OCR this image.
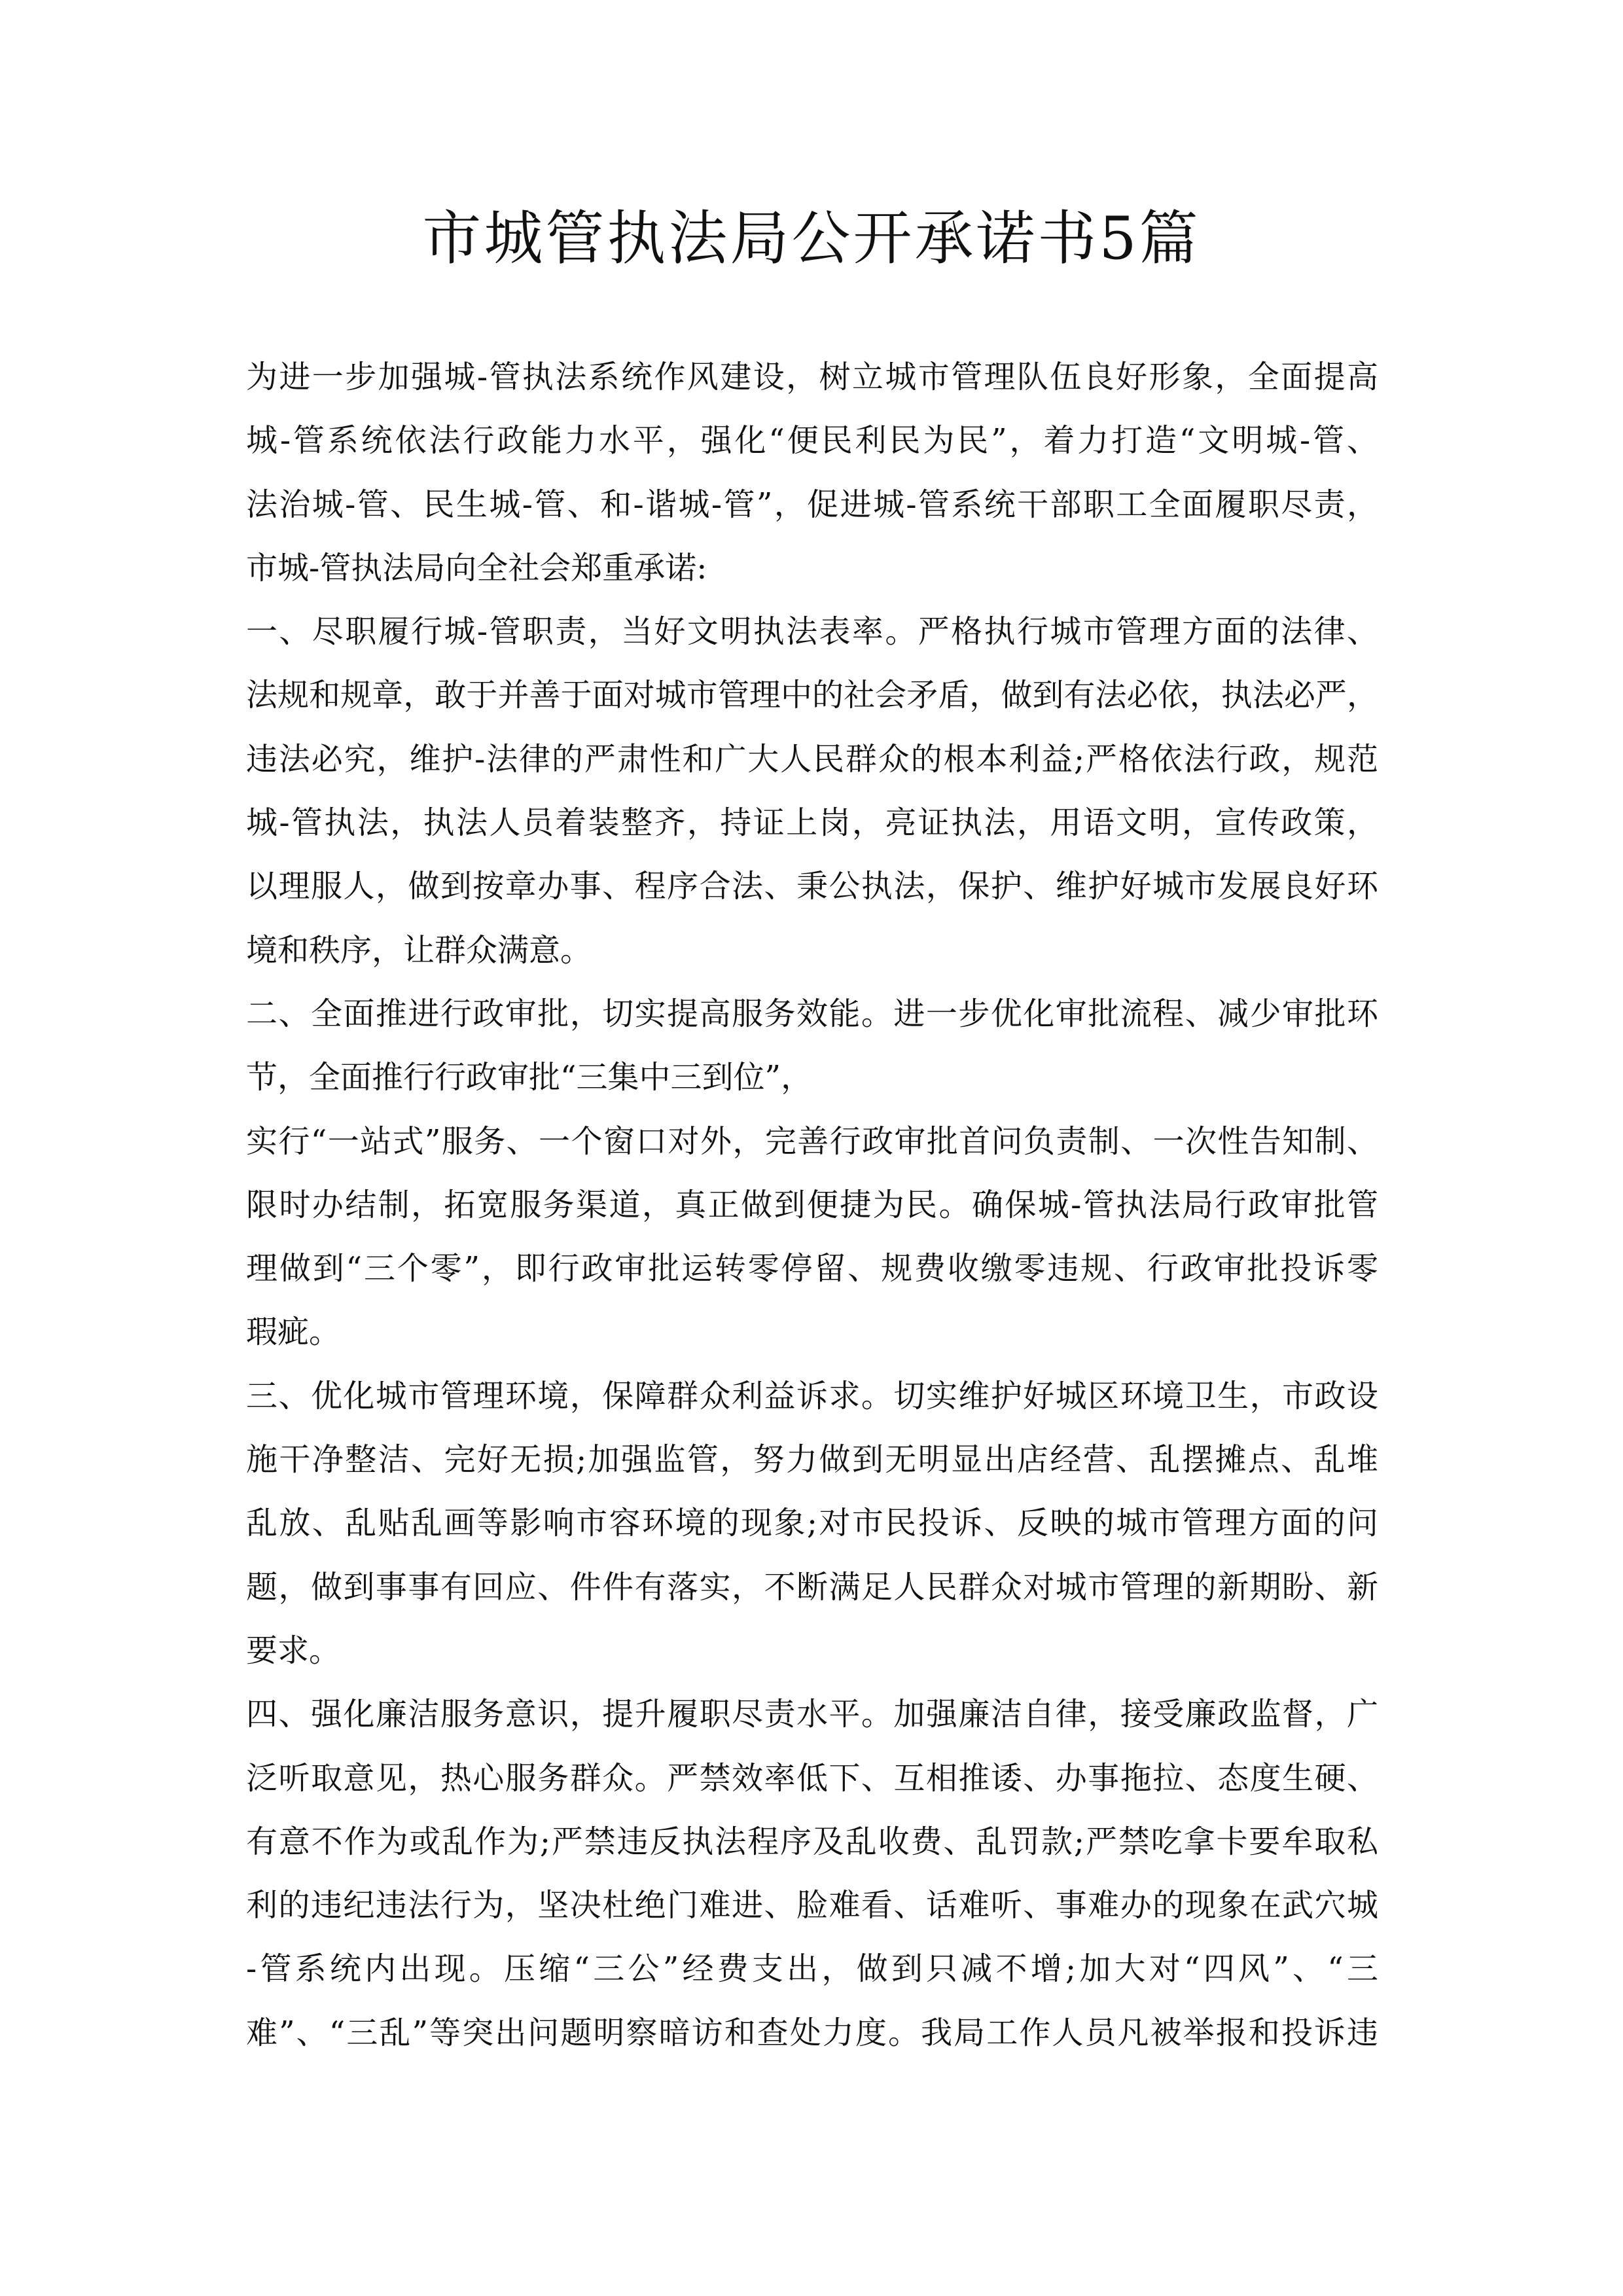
市城管执法局公开承诺书5篇
为进一步加强城-管执法系统作风建设，树立城市管理队伍良好形象，全面提高
城-管系统依法行政能力水平，强化“便民利民为民”，着力打造“文明城-管、
法治城-管、民生城-管、和-谐城-管”，促进城-管系统干部职工全面履职尽责，
市城-管执法局向全社会郑重承诺:
一、尽职履行城-管职责，当好文明执法表率。严格执行城市管理方面的法律、
法规和规章，敢于并善于面对城市管理中的社会矛盾，做到有法必依，执法必严，
违法必究，维护-法律的严肃性和广大人民群众的根本利益;严格依法行政，规范
城-管执法，执法人员着装整齐，持证上岗，亮证执法，用语文明，宣传政策，
以理服人，做到按章办事、程序合法、秉公执法，保护、维护好城市发展良好环
境和秩序，让群众满意。
二、全面推进行政审批，切实提高服务效能。进一步优化审批流程、减少审批环
节，全面推行行政审批“三集中三到位”，
实行“一站式”服务、一个窗口对外，完善行政审批首问负责制、一次性告知制、
限时办结制，拓宽服务渠道，真正做到便捷为民。确保城-管执法局行政审批管
理做到“三个零”，即行政审批运转零停留、规费收缴零违规、行政审批投诉零
瑕疵。
三、优化城市管理环境，保障群众利益诉求。切实维护好城区环境卫生，市政设
施干净整洁、完好无损;加强监管，努力做到无明显出店经营、乱摆摊点、乱堆
乱放、乱贴乱画等影响市容环境的现象;对市民投诉、反映的城市管理方面的问
题，做到事事有回应、件件有落实，不断满足人民群众对城市管理的新期盼、新
要求。
四、强化廉洁服务意识，提升履职尽责水平。加强廉洁自律，接受廉政监督，广
泛听取意见，热心服务群众。严禁效率低下、互相推诿、办事拖拉、态度生硬、
有意不作为或乱作为;严禁违反执法程序及乱收费、乱罚款;严禁吃拿卡要牟取私
利的违纪违法行为，坚决杜绝门难进、脸难看、话难听、事难办的现象在武穴城
-管系统内出现。压缩“三公”经费支出，做到只减不增;加大对“四风”、“三
难”、“三乱”等突出问题明察暗访和查处力度。我局工作人员凡被举报和投诉违
